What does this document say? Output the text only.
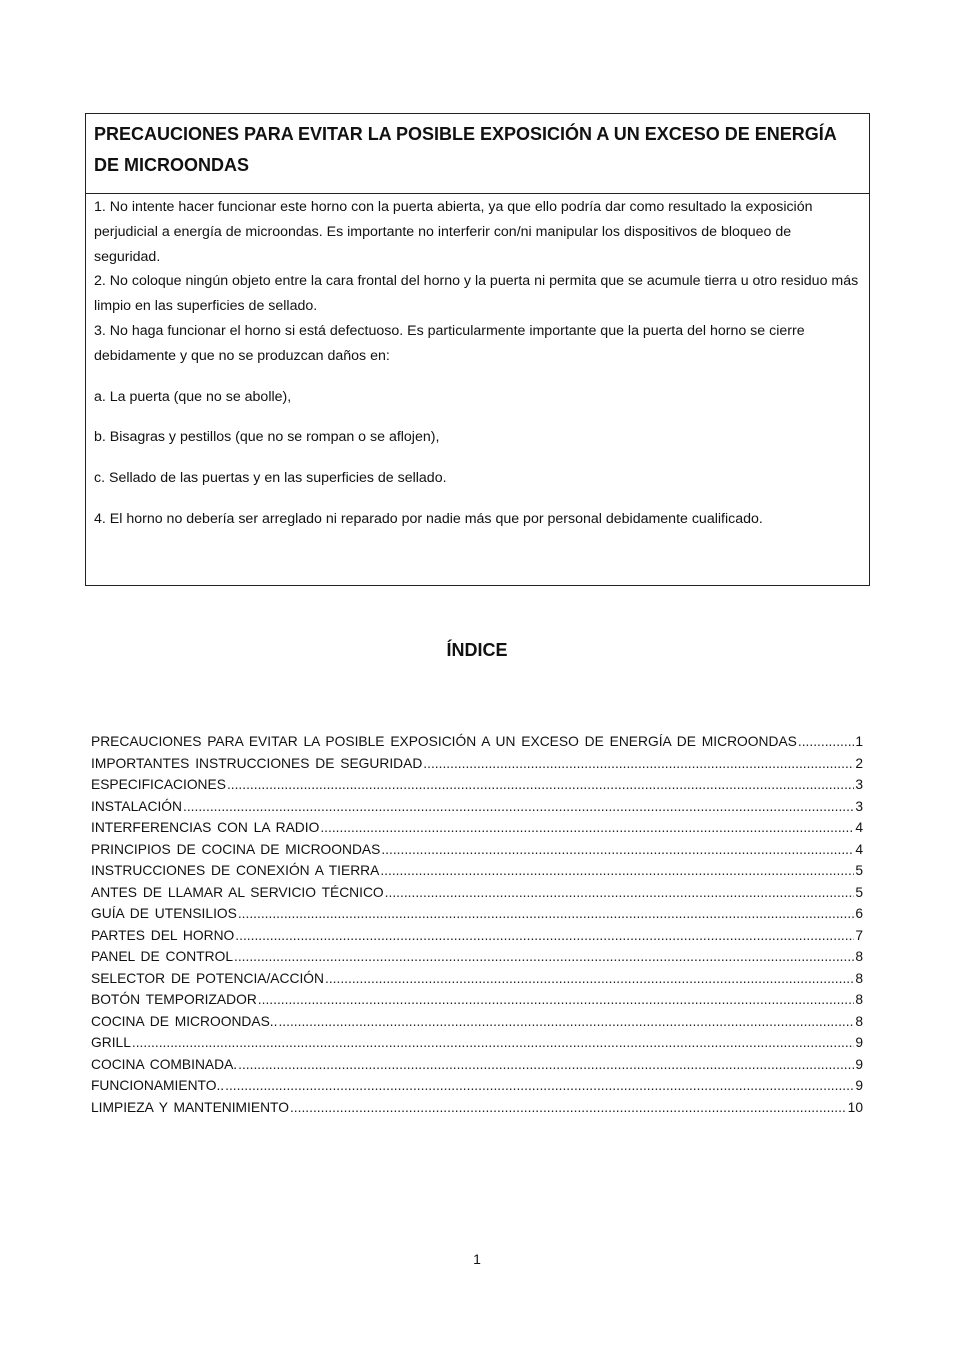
PRECAUCIONES PARA EVITAR LA POSIBLE EXPOSICIÓN A UN EXCESO DE ENERGÍA DE MICROONDAS

1. No intente hacer funcionar este horno con la puerta abierta, ya que ello podría dar como resultado la exposición perjudicial a energía de microondas. Es importante no interferir con/ni manipular los dispositivos de bloqueo de seguridad.

2. No coloque ningún objeto entre la cara frontal del horno y la puerta ni permita que se acumule tierra u otro residuo más limpio en las superficies de sellado.

3. No haga funcionar el horno si está defectuoso. Es particularmente importante que la puerta del horno se cierre debidamente y que no se produzcan daños en:

a. La puerta (que no se abolle),

b. Bisagras y pestillos (que no se rompan o se aflojen),

c. Sellado de las puertas y en las superficies de sellado.

4. El horno no debería ser arreglado ni reparado por nadie más que por personal debidamente cualificado.

ÍNDICE
PRECAUCIONES PARA EVITAR LA POSIBLE EXPOSICIÓN A UN EXCESO DE ENERGÍA DE MICROONDAS .....	1
IMPORTANTES INSTRUCCIONES DE SEGURIDAD .....	2
ESPECIFICACIONES .....	3
INSTALACIÓN .....	3
INTERFERENCIAS CON LA RADIO .....	4
PRINCIPIOS DE COCINA DE MICROONDAS .....	4
INSTRUCCIONES DE CONEXIÓN A TIERRA .....	5
ANTES DE LLAMAR AL SERVICIO TÉCNICO .....	5
GUÍA DE UTENSILIOS .....	6
PARTES DEL HORNO .....	7
PANEL DE CONTROL .....	8
SELECTOR DE POTENCIA/ACCIÓN .....	8
BOTÓN TEMPORIZADOR .....	8
COCINA DE MICROONDAS.. .....	8
GRILL .....	9
COCINA COMBINADA. .....	9
FUNCIONAMIENTO.. .....	9
LIMPIEZA Y MANTENIMIENTO .....	10
1
